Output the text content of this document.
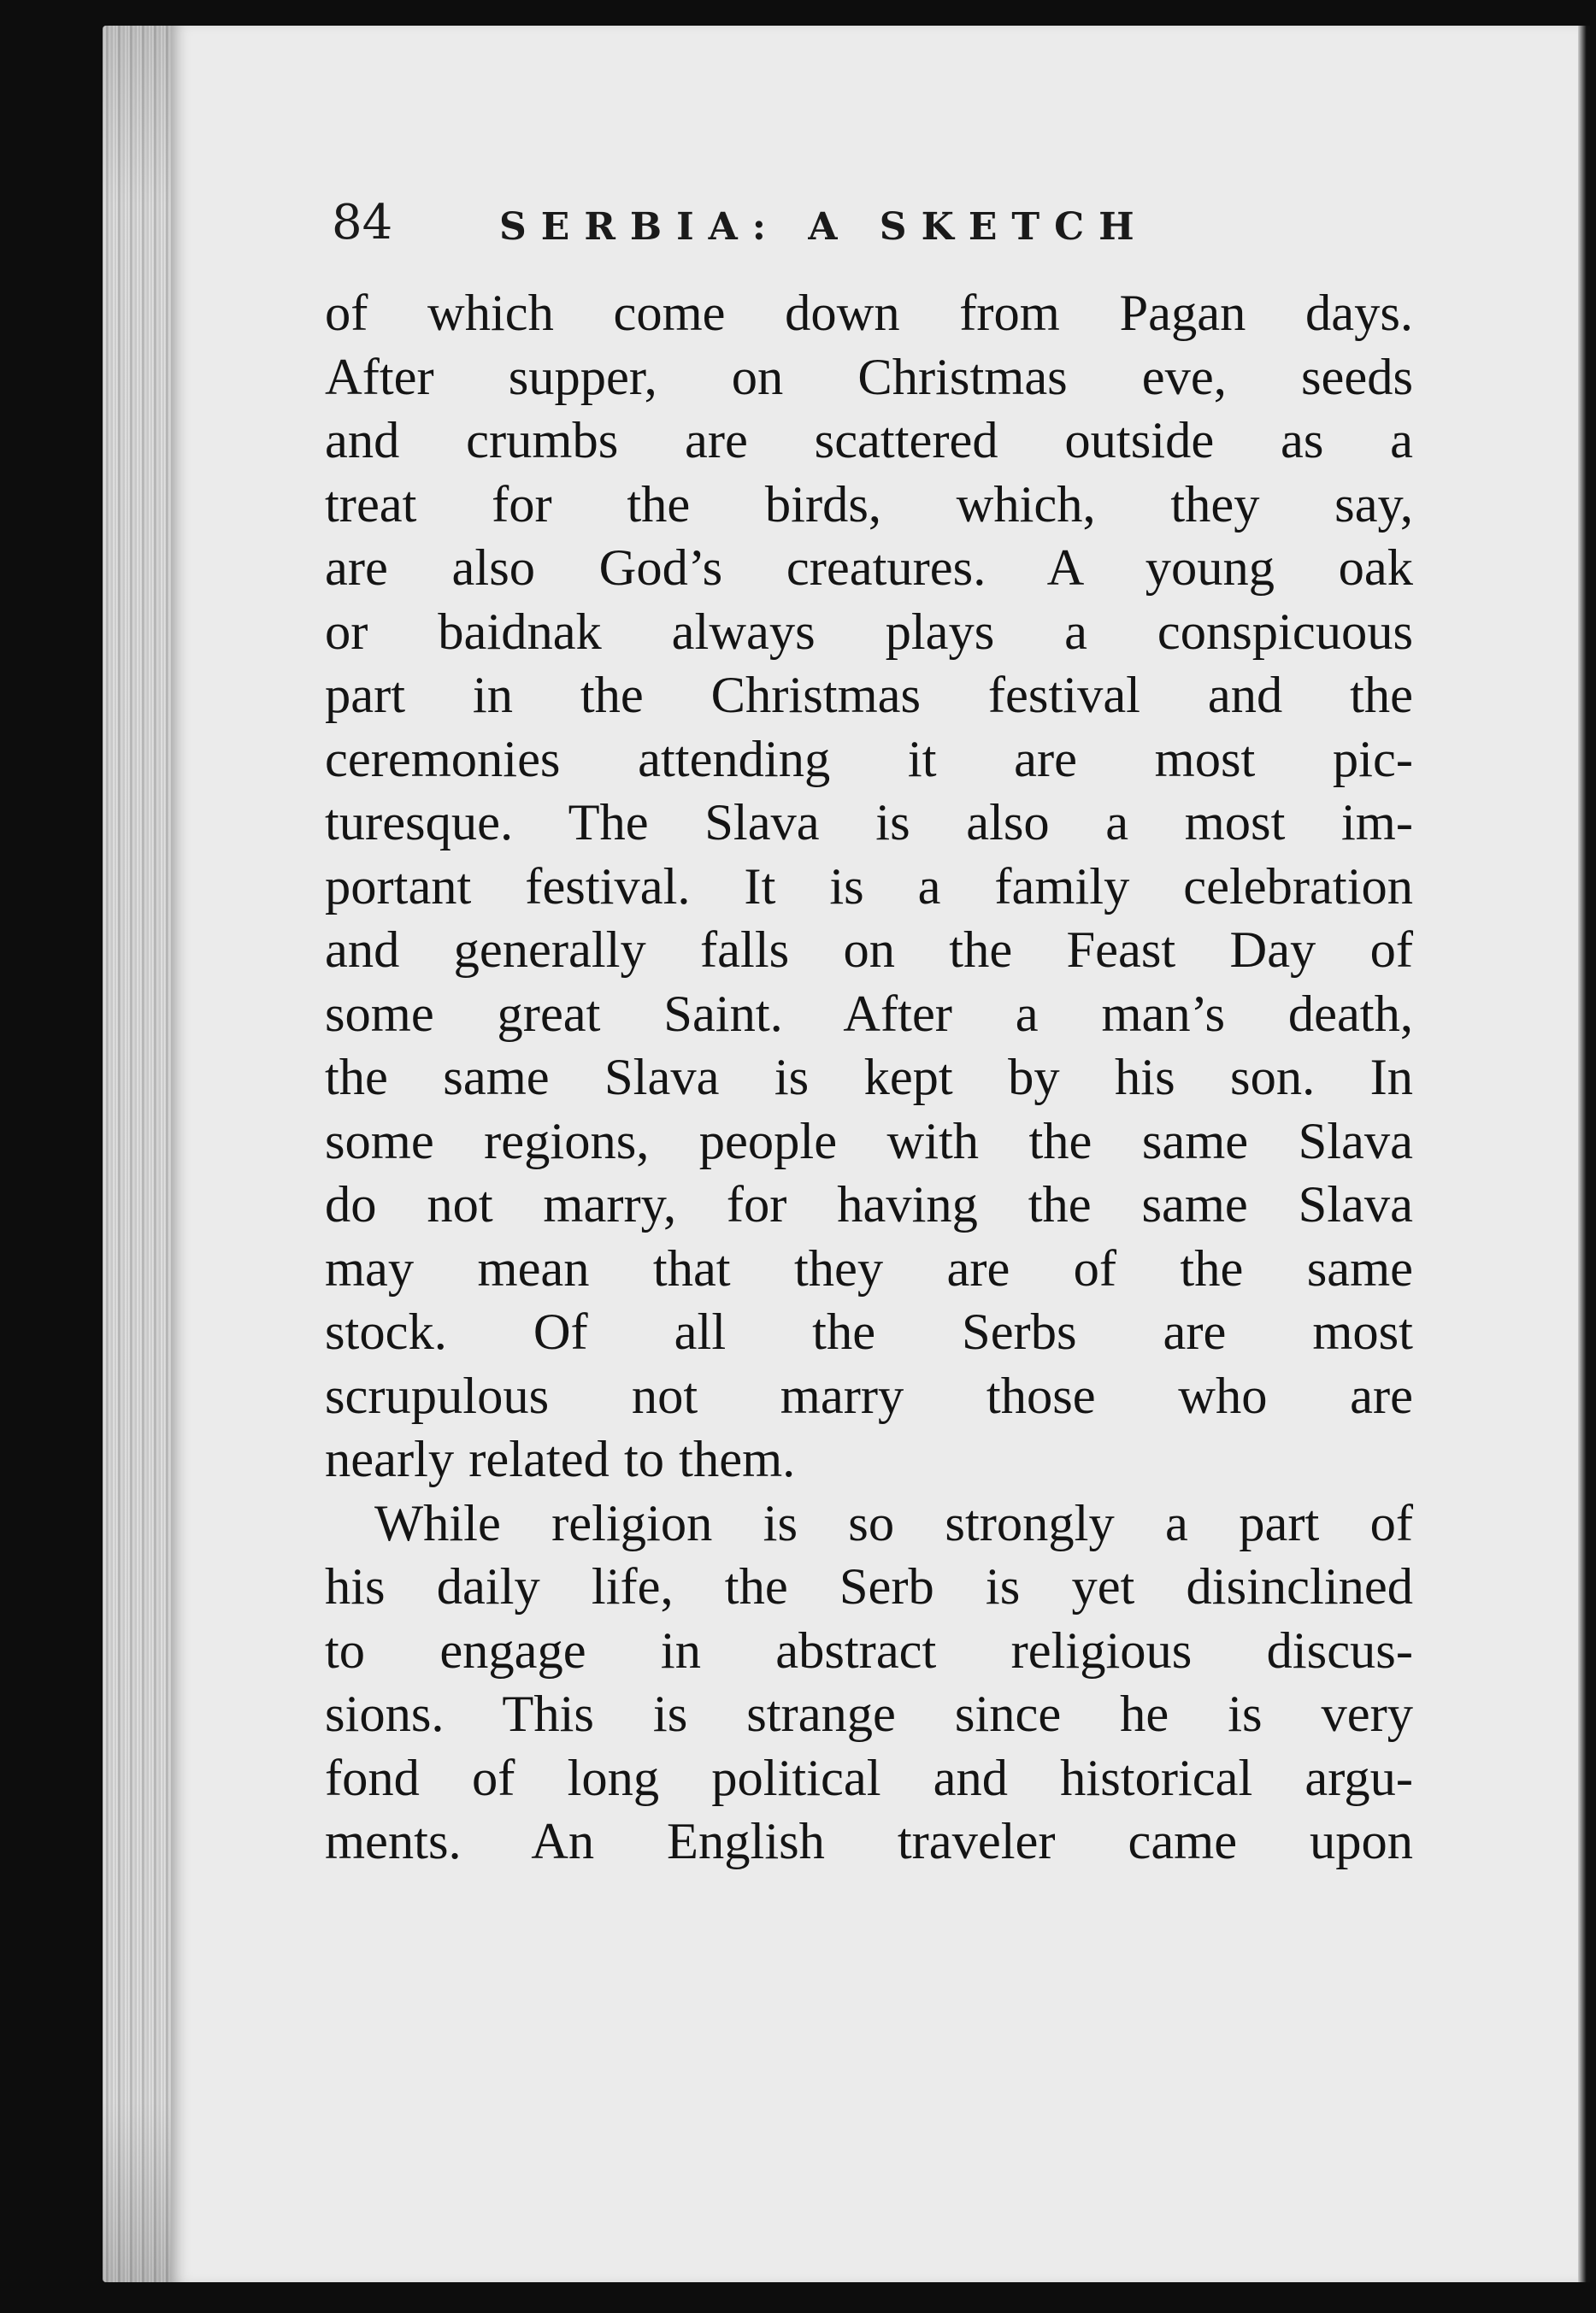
84	SERBIA: A SKETCH

of which come down from Pagan days.
After supper, on Christmas eve, seeds
and crumbs are scattered outside as a
treat for the birds, which, they say,
are also God’s creatures. A young oak
or baidnak always plays a conspicuous
part in the Christmas festival and the
ceremonies attending it are most pic-
turesque. The Slava is also a most im-
portant festival. It is a family celebration
and generally falls on the Feast Day of
some great Saint. After a man’s death,
the same Slava is kept by his son. In
some regions, people with the same Slava
do not marry, for having the same Slava
may mean that they are of the same
stock. Of all the Serbs are most
scrupulous not marry those who are
nearly related to them.

While religion is so strongly a part of
his daily life, the Serb is yet disinclined
to engage in abstract religious discus-
sions. This is strange since he is very
fond of long political and historical argu-
ments. An English traveler came upon
